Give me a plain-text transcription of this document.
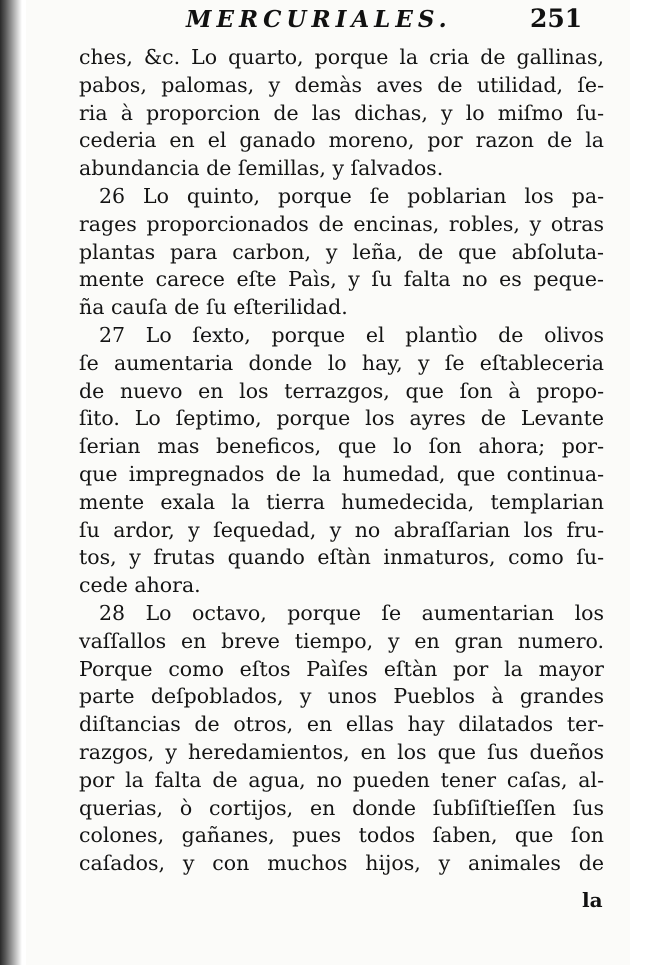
MERCURIALES.	251
ches, &c. Lo quarto, porque la cria de gallinas,
pabos, palomas, y demàs aves de utilidad, ſe-
ria à proporcion de las dichas, y lo miſmo ſu-
cederia en el ganado moreno, por razon de la
abundancia de ſemillas, y ſalvados.
26 Lo quinto, porque ſe poblarian los pa-
rages proporcionados de encinas, robles, y otras
plantas para carbon, y leña, de que abſoluta-
mente carece eſte Paìs, y ſu falta no es peque-
ña cauſa de ſu eſterilidad.
27 Lo ſexto, porque el plantìo de olivos
ſe aumentaria donde lo hay, y ſe eſtableceria
de nuevo en los terrazgos, que ſon à propo-
ſito. Lo ſeptimo, porque los ayres de Levante
ſerian mas beneficos, que lo ſon ahora; por-
que impregnados de la humedad, que continua-
mente exala la tierra humedecida, templarian
ſu ardor, y ſequedad, y no abraſſarian los fru-
tos, y frutas quando eſtàn inmaturos, como ſu-
cede ahora.
28 Lo octavo, porque ſe aumentarian los
vaſſallos en breve tiempo, y en gran numero.
Porque como eſtos Paìſes eſtàn por la mayor
parte deſpoblados, y unos Pueblos à grandes
diſtancias de otros, en ellas hay dilatados ter-
razgos, y heredamientos, en los que ſus dueños
por la falta de agua, no pueden tener caſas, al-
querias, ò cortijos, en donde ſubſiſtieſſen ſus
colones, gañanes, pues todos ſaben, que ſon
caſados, y con muchos hijos, y animales de
la
